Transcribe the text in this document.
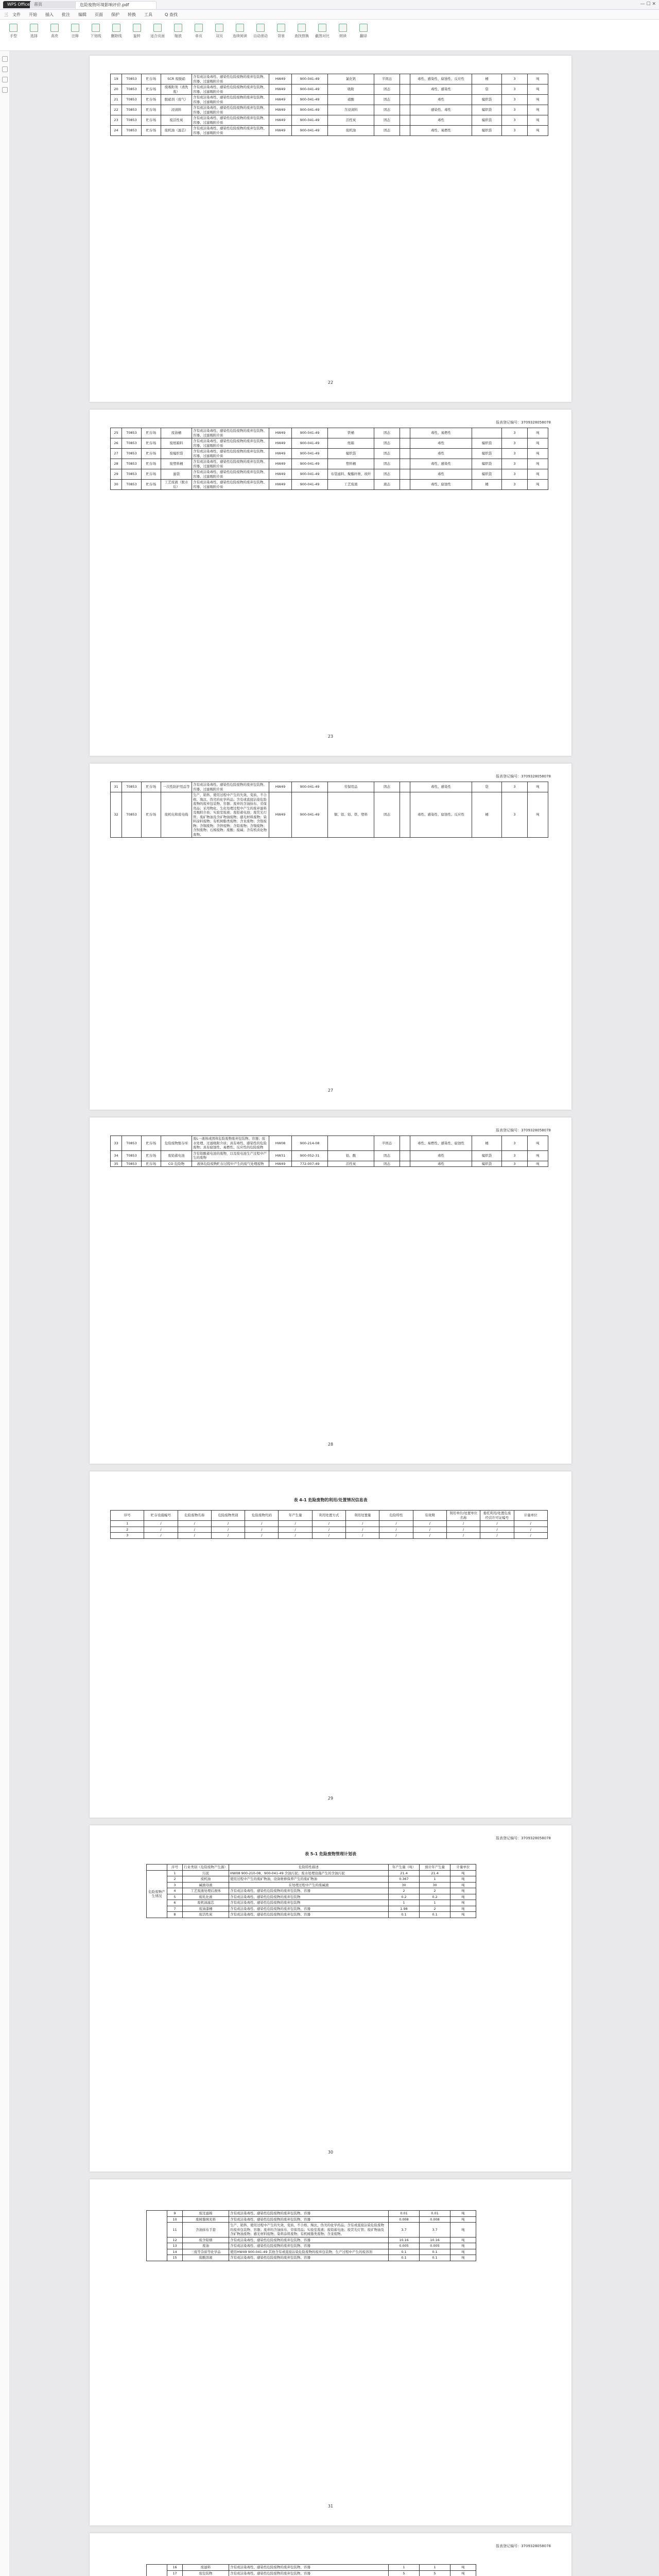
WPS Office	首页	危险废物环境影响评价.pdf	— ☐ ✕
三 文件 开始 插入 批注 编辑 页面 保护 转换 工具	Q 查找
手型	选择	高亮	注释	下划线	删除线	旋转	适合页面	缩放	单页	双页	连续阅读	自动滚动	背景	查找替换	截图对比	朗读	翻译
19	T0853	贮存场	SCR 废脱硝	含有或沾染毒性、感染性危险废物的废弃包装物、容器、过滤吸附介质	HW49	900-041-49	氯化钒	半固态		毒性、感染性、腐蚀性、反应性	桶	3	吨
20	T0853	贮存场	废吸附剂（清洗废）	含有或沾染毒性、感染性危险废物的废弃包装物、容器、过滤吸附介质	HW49	900-041-49	吸附	固态		毒性、感染性	袋	3	吨
21	T0853	贮存场	脱硝剂（废气）	含有或沾染毒性、感染性危险废物的废弃包装物、容器、过滤吸附介质	HW49	900-041-49	硝酸	固态		毒性	编织袋	3	吨
22	T0853	贮存场	浸渍料	含有或沾染毒性、感染性危险废物的废弃包装物、容器、过滤吸附介质	HW49	900-041-49	含浸渍料	固态		感染性、毒性	编织袋	3	吨
23	T0853	贮存场	废活性炭	含有或沾染毒性、感染性危险废物的废弃包装物、容器、过滤吸附介质	HW49	900-041-49	活性炭	固态		毒性	编织袋	3	吨
24	T0853	贮存场	废机油（滤芯）	含有或沾染毒性、感染性危险废物的废弃包装物、容器、过滤吸附介质	HW49	900-041-49	废机油	固态		毒性、易燃性	编织袋	3	吨
22
报表登记编号：3709328058078
25	T0853	贮存场	废油桶	含有或沾染毒性、感染性危险废物的废弃包装物、容器、过滤吸附介质	HW49	900-041-49	铁桶	固态		毒性、易燃性		3	吨
26	T0853	贮存场	废纸箱料	含有或沾染毒性、感染性危险废物的废弃包装物、容器、过滤吸附介质	HW49	900-041-49	纸箱	固态		毒性	编织袋	3	吨
27	T0853	贮存场	废编织袋	含有或沾染毒性、感染性危险废物的废弃包装物、容器、过滤吸附介质	HW49	900-041-49	编织袋	固态		毒性	编织袋	3	吨
28	T0853	贮存场	废塑料桶	含有或沾染毒性、感染性危险废物的废弃包装物、容器、过滤吸附介质	HW49	900-041-49	塑料桶	固态		毒性、感染性	编织袋	3	吨
29	T0853	贮存场	滤袋	含有或沾染毒性、感染性危险废物的废弃包装物、容器、过滤吸附介质	HW49	900-041-49	布袋滤料、聚酯纤维、玻纤	固态		毒性	编织袋	3	吨
30	T0853	贮存场	工艺废液（脱水后）	含有或沾染毒性、感染性危险废物的废弃包装物、容器、过滤吸附介质	HW49	900-041-49	工艺废液	液态		毒性、腐蚀性	桶	3	吨
23
报表登记编号：3709328058078
31	T0853	贮存场	一次性防护用品等	含有或沾染毒性、感染性危险废物的废弃包装物、容器、过滤吸附介质	HW49	900-041-49	劳保用品	固态		毒性、感染性	袋	3	吨
32	T0853	贮存场	废机电和废电线	生产、销售、使用过程中产生的失效、变质、不合格、淘汰、伪劣的化学药品；含有或直接沾染危险废物的废弃包装物、容器；废弃的含油抹布、劳保用品；采用物化、生化处理过程中产生的废弃滤料及吸附介质；实验室废液；废铅蓄电池；废荧光灯管；废矿物油及含矿物油废物；感光材料废物；染料涂料废物；有机树脂类废物；含汞废物；含铬废物；含铜废物；含锌废物；含铅废物；含镍废物；含钡废物；石棉废物；废酸；废碱；含有机卤化物废物。	HW49	900-041-49	铜、铝、铅、铁、塑料	固态		毒性、感染性、腐蚀性、反应性	桶	3	吨
27
报表登记编号：3709328058078
33	T0853	贮存场	危险废物暂存库	废L一液体或固体危险废物废弃包装物、容器；废水处理、过滤吸附介质；具有毒性、感染性的危险废物；具有腐蚀性、易燃性、反应性的危险废物	HW08	900-214-08		半固态		毒性、易燃性、感染性、腐蚀性	桶	3	吨
34	T0853	贮存场	废铅蓄电池	含有铅酸蓄电池的废物，以及废电池生产过程中产生的废物	HW31	900-052-31	铅、酸	固态		毒性	编织袋	3	吨
35	T0853	贮存场	CO 危险物	液体危险废物贮存过程中产生的废气处理废物	HW49	772-007-49	活性炭	固态		毒性	编织袋	3	吨
28
表 4-1 危险废物的利用/处置情况信息表
序号	贮存设施编号	危险废物名称	危险废物类别	危险废物代码	年产生量	利用处置方式	利用处置量	危险特性	有效期	利用单位/处置单位名称	委托利用/处置危废经营许可证编号	计量单位
1	/	/	/	/	/	/	/	/	/	/	/	/
2	/	/	/	/	/	/	/	/	/	/	/	/
3	/	/	/	/	/	/	/	/	/	/	/	/
29
报表登记编号：3709328058078
表 5-1 危险废物管理计划表
	序号	行业类别（危险废物产生源）	危险特性描述	年产生量（吨）	预计年产生量	计量单位
危险废物产生情况	1	污泥	HW08 900-210-08、900-041-49 含油污泥；废水处理设施产生的含油污泥	21.4	21.4	吨
	2	废机油	使用过程中产生的废矿物油，设备维修保养产生的废矿物油	0.367	1	吨
	3	碱液母液	在处理过程中产生的废碱液	30	30	吨
	4	工艺废液处理后液体	含有或沾染毒性、感染性危险废物的废弃包装物、容器	2	2	吨
	5	废乳化液	含有或沾染毒性、感染性危险废物的废弃包装物	0.2	0.2	吨
	6	废机油滤芯	含有或沾染毒性、感染性危险废物的废弃包装物	1	1	吨
	7	废油漆桶	含有或沾染毒性、感染性危险废物的废弃包装物、容器	1.98	2	吨
	8	废活性炭	含有或沾染毒性、感染性危险废物的废弃包装物、容器	0.1	0.1	吨
30
	9	废过滤棉	含有或沾染毒性、感染性危险废物的废弃包装物、容器	0.01	0.01	吨
	10	废树脂填充料	含有或沾染毒性、感染性危险废物的废弃包装物、容器	0.008	0.008	吨
	11	含油抹布手套	生产、销售、使用过程中产生的失效、变质、不合格、淘汰、伪劣的化学药品；含有或直接沾染危险废物的废弃包装物、容器；废弃的含油抹布、劳保用品；实验室废液；废铅蓄电池；废荧光灯管；废矿物油及含矿物油废物；感光材料废物；染料涂料废物；有机树脂类废物；含汞废物。	3.7	3.7	吨
	12	废含铅烟	含有或沾染毒性、感染性危险废物的废弃包装物、容器	10.16	10.16	吨
	13	废油	含有或沾染毒性、感染性危险废物的废弃包装物、容器	0.005	0.005	吨
	14	三废等杂质等化学品	使用HW49 900-041-49 其他含有或直接沾染危险废物的废弃包装物，生产过程中产生的废溶剂	0.1	0.1	吨
	15	废酸溶液	含有或沾染毒性、感染性危险废物的废弃包装物、容器	0.1	0.1	吨
31
报表登记编号：3709328058078
	16	废滤料	含有或沾染毒性、感染性危险废物的废弃包装物、容器	1	1	吨
	17	废包装物	含有或沾染毒性、感染性危险废物的废弃包装物、容器	5	5	吨
